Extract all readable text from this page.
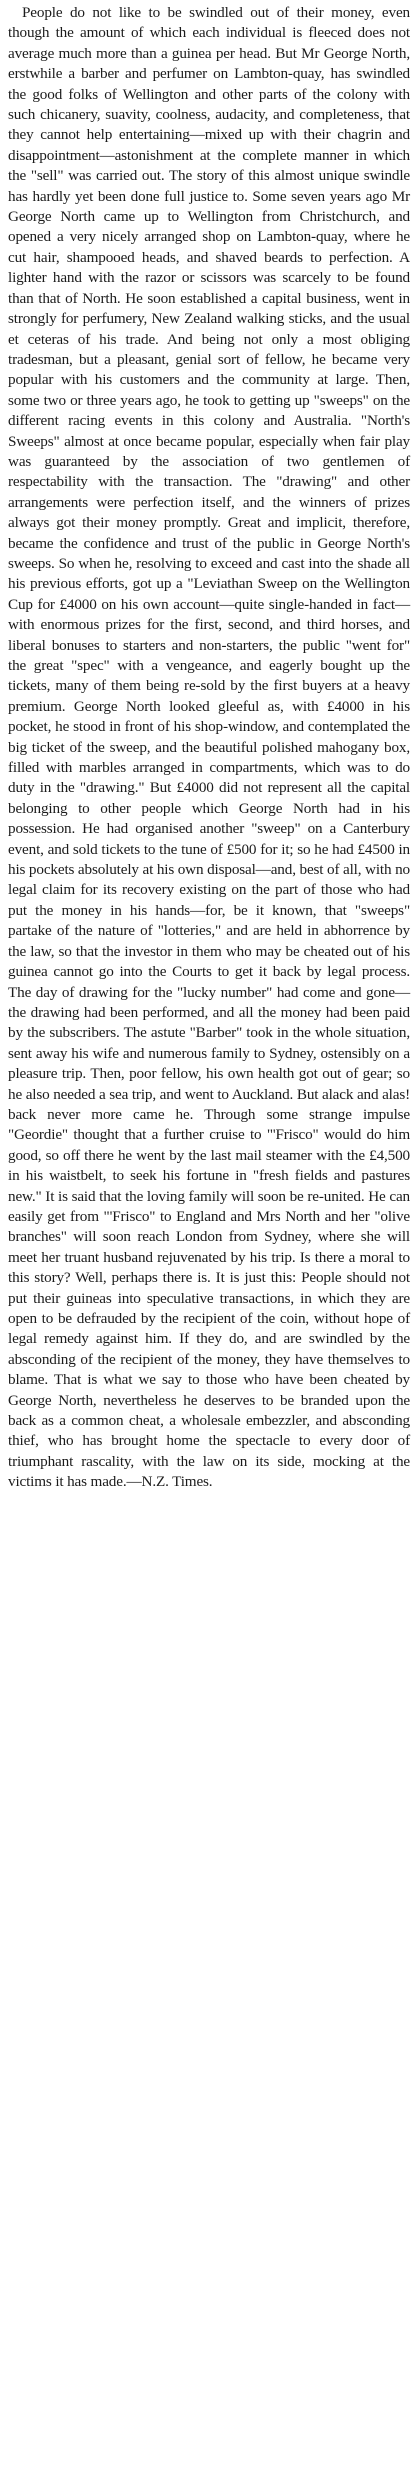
People do not like to be swindled out of their money, even though the amount of which each individual is fleeced does not average much more than a guinea per head. But Mr George North, erstwhile a barber and perfumer on Lambton-quay, has swindled the good folks of Wellington and other parts of the colony with such chicanery, suavity, coolness, audacity, and completeness, that they cannot help entertaining—mixed up with their chagrin and disappointment—astonishment at the complete manner in which the "sell" was carried out. The story of this almost unique swindle has hardly yet been done full justice to. Some seven years ago Mr George North came up to Wellington from Christchurch, and opened a very nicely arranged shop on Lambton-quay, where he cut hair, shampooed heads, and shaved beards to perfection. A lighter hand with the razor or scissors was scarcely to be found than that of North. He soon established a capital business, went in strongly for perfumery, New Zealand walking sticks, and the usual et ceteras of his trade. And being not only a most obliging tradesman, but a pleasant, genial sort of fellow, he became very popular with his customers and the community at large. Then, some two or three years ago, he took to getting up "sweeps" on the different racing events in this colony and Australia. "North's Sweeps" almost at once became popular, especially when fair play was guaranteed by the association of two gentlemen of respectability with the transaction. The "drawing" and other arrangements were perfection itself, and the winners of prizes always got their money promptly. Great and implicit, therefore, became the confidence and trust of the public in George North's sweeps. So when he, resolving to exceed and cast into the shade all his previous efforts, got up a "Leviathan Sweep on the Wellington Cup for £4000 on his own account—quite single-handed in fact—with enormous prizes for the first, second, and third horses, and liberal bonuses to starters and non-starters, the public "went for" the great "spec" with a vengeance, and eagerly bought up the tickets, many of them being re-sold by the first buyers at a heavy premium. George North looked gleeful as, with £4000 in his pocket, he stood in front of his shop-window, and contemplated the big ticket of the sweep, and the beautiful polished mahogany box, filled with marbles arranged in compartments, which was to do duty in the "drawing." But £4000 did not represent all the capital belonging to other people which George North had in his possession. He had organised another "sweep" on a Canterbury event, and sold tickets to the tune of £500 for it; so he had £4500 in his pockets absolutely at his own disposal—and, best of all, with no legal claim for its recovery existing on the part of those who had put the money in his hands—for, be it known, that "sweeps" partake of the nature of "lotteries," and are held in abhorrence by the law, so that the investor in them who may be cheated out of his guinea cannot go into the Courts to get it back by legal process. The day of drawing for the "lucky number" had come and gone—the drawing had been performed, and all the money had been paid by the subscribers. The astute "Barber" took in the whole situation, sent away his wife and numerous family to Sydney, ostensibly on a pleasure trip. Then, poor fellow, his own health got out of gear; so he also needed a sea trip, and went to Auckland. But alack and alas! back never more came he. Through some strange impulse "Geordie" thought that a further cruise to "'Frisco" would do him good, so off there he went by the last mail steamer with the £4,500 in his waistbelt, to seek his fortune in "fresh fields and pastures new." It is said that the loving family will soon be re-united. He can easily get from "'Frisco" to England and Mrs North and her "olive branches" will soon reach London from Sydney, where she will meet her truant husband rejuvenated by his trip. Is there a moral to this story? Well, perhaps there is. It is just this: People should not put their guineas into speculative transactions, in which they are open to be defrauded by the recipient of the coin, without hope of legal remedy against him. If they do, and are swindled by the absconding of the recipient of the money, they have themselves to blame. That is what we say to those who have been cheated by George North, nevertheless he deserves to be branded upon the back as a common cheat, a wholesale embezzler, and absconding thief, who has brought home the spectacle to every door of triumphant rascality, with the law on its side, mocking at the victims it has made.—N.Z. Times.
